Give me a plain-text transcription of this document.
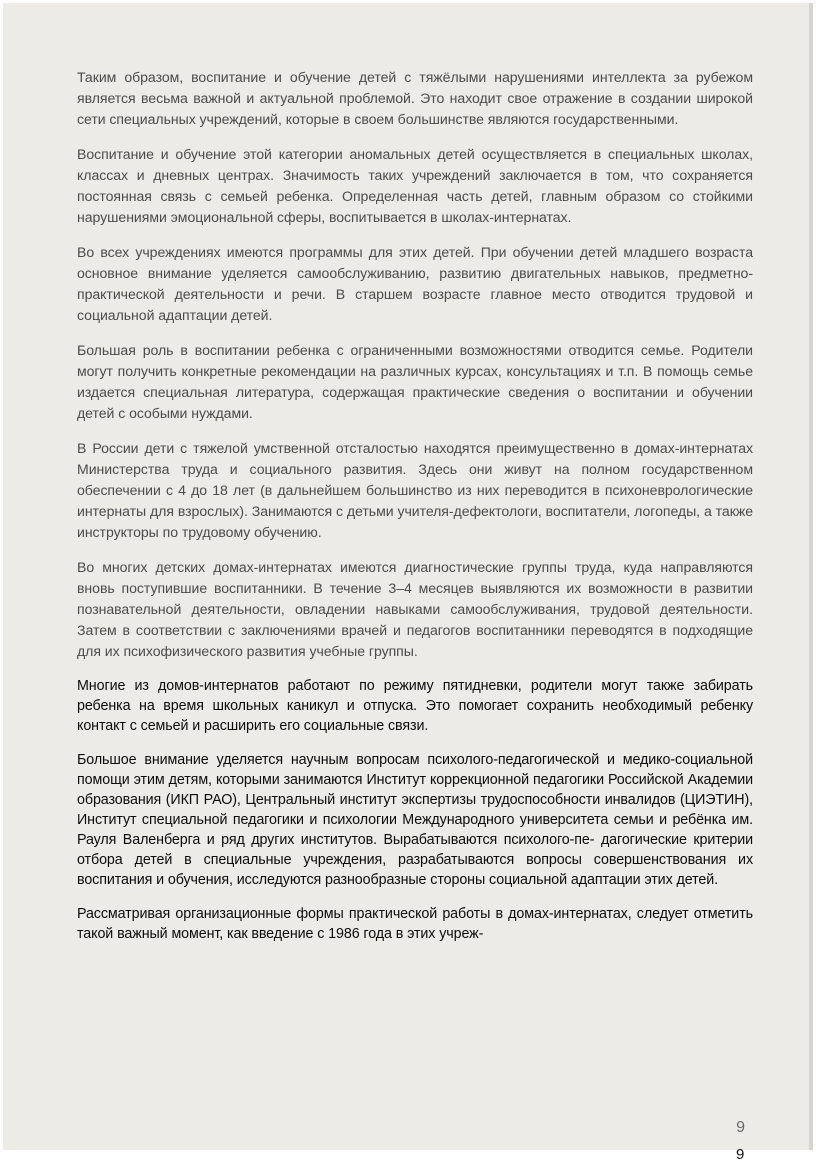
Таким образом, воспитание и обучение детей с тяжёлыми нарушениями интеллекта за рубежом является весьма важной и актуальной проблемой. Это находит свое отражение в создании широкой сети специальных учреждений, которые в своем большинстве являются государственными.

Воспитание и обучение этой категории аномальных детей осуществляется в специальных школах, классах и дневных центрах. Значимость таких учреждений заключается в том, что сохраняется постоянная связь с семьей ребенка. Определенная часть детей, главным образом со стойкими нарушениями эмоциональной сферы, воспитывается в школах-интернатах.

Во всех учреждениях имеются программы для этих детей. При обучении детей младшего возраста основное внимание уделяется самообслуживанию, развитию двигательных навыков, предметно-практической деятельности и речи. В старшем возрасте главное место отводится трудовой и социальной адаптации детей.

Большая роль в воспитании ребенка с ограниченными возможностями отводится семье. Родители могут получить конкретные рекомендации на различных курсах, консультациях и т.п. В помощь семье издается специальная литература, содержащая практические сведения о воспитании и обучении детей с особыми нуждами.

В России дети с тяжелой умственной отсталостью находятся преимущественно в домах-интернатах Министерства труда и социального развития. Здесь они живут на полном государственном обеспечении с 4 до 18 лет (в дальнейшем большинство из них переводится в психоневрологические интернаты для взрослых). Занимаются с детьми учителя-дефектологи, воспитатели, логопеды, а также инструкторы по трудовому обучению.

Во многих детских домах-интернатах имеются диагностические группы труда, куда направляются вновь поступившие воспитанники. В течение 3–4 месяцев выявляются их возможности в развитии познавательной деятельности, овладении навыками самообслуживания, трудовой деятельности. Затем в соответствии с заключениями врачей и педагогов воспитанники переводятся в подходящие для их психофизического развития учебные группы.

Многие из домов-интернатов работают по режиму пятидневки, родители могут также забирать ребенка на время школьных каникул и отпуска. Это помогает сохранить необходимый ребенку контакт с семьей и расширить его социальные связи.

Большое внимание уделяется научным вопросам психолого-педагогической и медико-социальной помощи этим детям, которыми занимаются Институт коррекционной педагогики Российской Академии образования (ИКП РАО), Центральный институт экспертизы трудоспособности инвалидов (ЦИЭТИН), Институт специальной педагогики и психологии Международного университета семьи и ребёнка им. Рауля Валенберга и ряд других институтов. Вырабатываются психолого-пе- дагогические критерии отбора детей в специальные учреждения, разрабатываются вопросы совершенствования их воспитания и обучения, исследуются разнообразные стороны социальной адаптации этих детей.

Рассматривая организационные формы практической работы в домах-интернатах, следует отметить такой важный момент, как введение с 1986 года в этих учреж-

9
9
